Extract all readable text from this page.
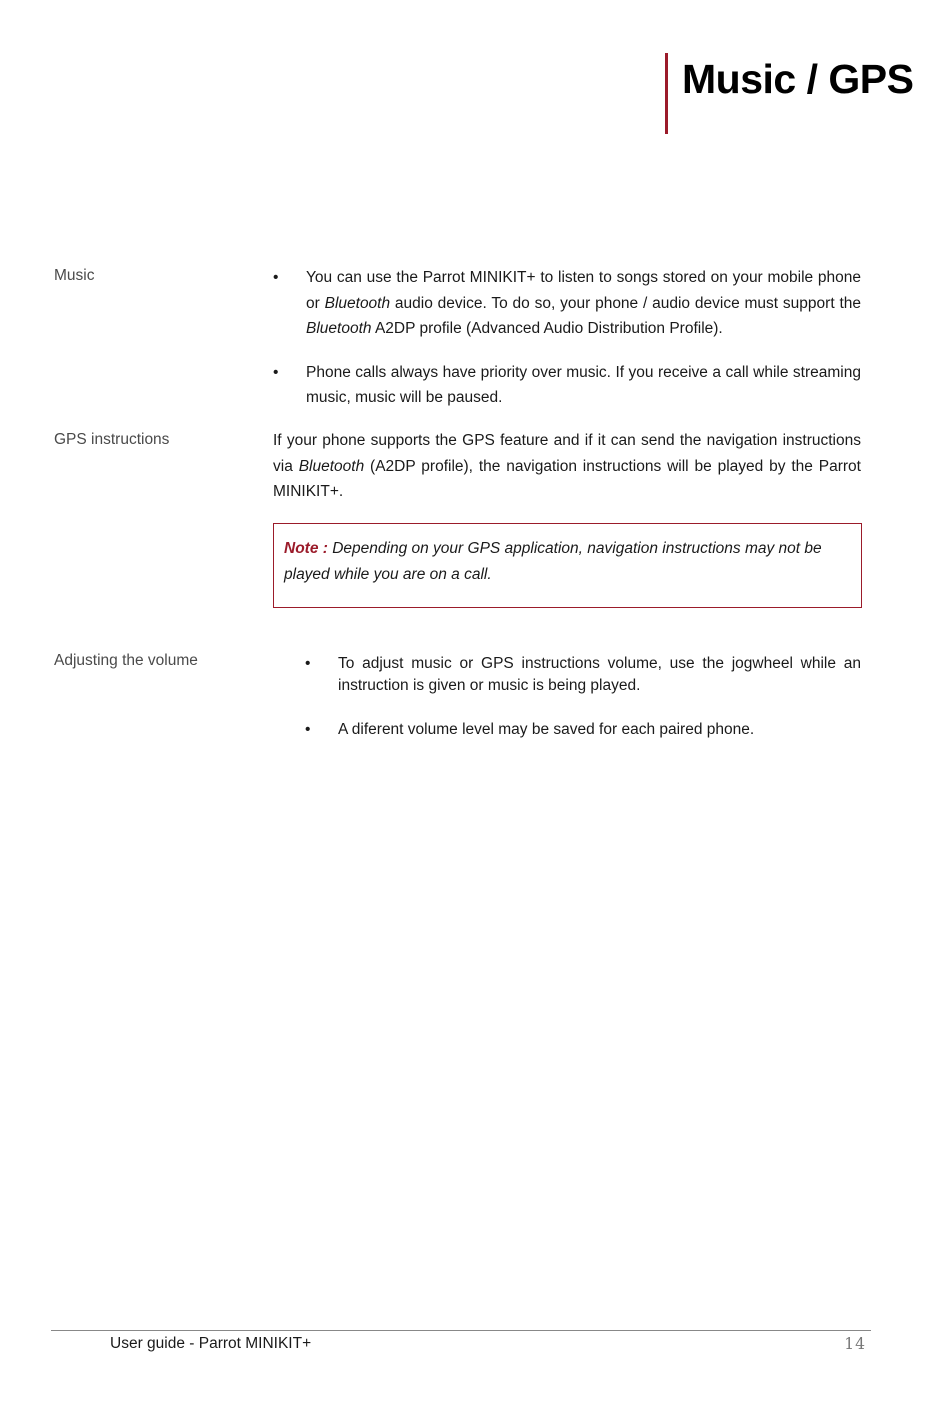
Music / GPS
Music	• You can use the Parrot MINIKIT+ to listen to songs stored on your mobile phone or Bluetooth audio device. To do so, your phone / audio device must support the Bluetooth A2DP profile (Advanced Audio Distribution Profile).
• Phone calls always have priority over music. If you receive a call while streaming music, music will be paused.
GPS instructions	If your phone supports the GPS feature and if it can send the navigation instructions via Bluetooth (A2DP profile), the navigation instructions will be played by the Parrot MINIKIT+.

Note : Depending on your GPS application, navigation instructions may not be played while you are on a call.
Adjusting the volume	• To adjust music or GPS instructions volume, use the jogwheel while an instruction is given or music is being played.
• A diferent volume level may be saved for each paired phone.
User guide - Parrot MINIKIT+	14
